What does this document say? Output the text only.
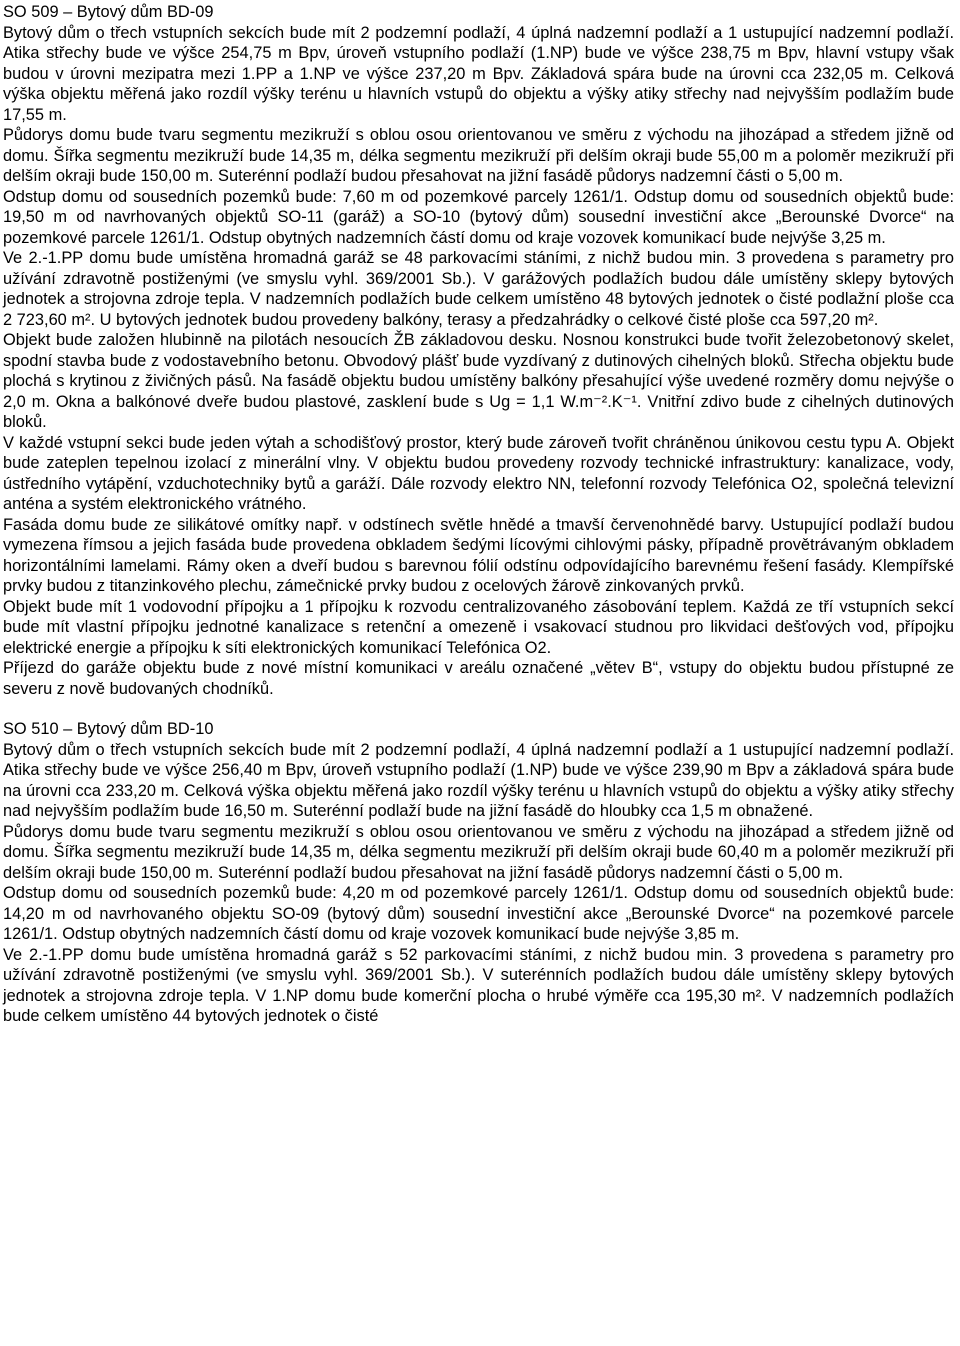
SO 509 – Bytový dům BD-09

Bytový dům o třech vstupních sekcích bude mít 2 podzemní podlaží, 4 úplná nadzemní podlaží a 1 ustupující nadzemní podlaží. Atika střechy bude ve výšce 254,75 m Bpv, úroveň vstupního podlaží (1.NP) bude ve výšce 238,75 m Bpv, hlavní vstupy však budou v úrovni mezipatra mezi 1.PP a 1.NP ve výšce 237,20 m Bpv. Základová spára bude na úrovni cca 232,05 m. Celková výška objektu měřená jako rozdíl výšky terénu u hlavních vstupů do objektu a výšky atiky střechy nad nejvyšším podlažím bude 17,55 m.

Půdorys domu bude tvaru segmentu mezikruží s oblou osou orientovanou ve směru z východu na jihozápad a středem jižně od domu. Šířka segmentu mezikruží bude 14,35 m, délka segmentu mezikruží při delším okraji bude 55,00 m a poloměr mezikruží při delším okraji bude 150,00 m. Suterénní podlaží budou přesahovat na jižní fasádě půdorys nadzemní části o 5,00 m.

Odstup domu od sousedních pozemků bude: 7,60 m od pozemkové parcely 1261/1. Odstup domu od sousedních objektů bude: 19,50 m od navrhovaných objektů SO-11 (garáž) a SO-10 (bytový dům) sousední investiční akce „Berounské Dvorce“ na pozemkové parcele 1261/1. Odstup obytných nadzemních částí domu od kraje vozovek komunikací bude nejvýše 3,25 m.

Ve 2.-1.PP domu bude umístěna hromadná garáž se 48 parkovacími stáními, z nichž budou min. 3 provedena s parametry pro užívání zdravotně postiženými (ve smyslu vyhl. 369/2001 Sb.). V garážových podlažích budou dále umístěny sklepy bytových jednotek a strojovna zdroje tepla. V nadzemních podlažích bude celkem umístěno 48 bytových jednotek o čisté podlažní ploše cca 2 723,60 m². U bytových jednotek budou provedeny balkóny, terasy a předzahrádky o celkové čisté ploše cca 597,20 m².

Objekt bude založen hlubinně na pilotách nesoucích ŽB základovou desku. Nosnou konstrukci bude tvořit železobetonový skelet, spodní stavba bude z vodostavebního betonu. Obvodový plášť bude vyzdívaný z dutinových cihelných bloků. Střecha objektu bude plochá s krytinou z živičných pásů. Na fasádě objektu budou umístěny balkóny přesahující výše uvedené rozměry domu nejvýše o 2,0 m. Okna a balkónové dveře budou plastové, zasklení bude s Ug = 1,1 W.m⁻².K⁻¹. Vnitřní zdivo bude z cihelných dutinových bloků.

V každé vstupní sekci bude jeden výtah a schodišťový prostor, který bude zároveň tvořit chráněnou únikovou cestu typu A. Objekt bude zateplen tepelnou izolací z minerální vlny. V objektu budou provedeny rozvody technické infrastruktury: kanalizace, vody, ústředního vytápění, vzduchotechniky bytů a garáží. Dále rozvody elektro NN, telefonní rozvody Telefónica O2, společná televizní anténa a systém elektronického vrátného.

Fasáda domu bude ze silikátové omítky např. v odstínech světle hnědé a tmavší červenohnědé barvy. Ustupující podlaží budou vymezena římsou a jejich fasáda bude provedena obkladem šedými lícovými cihlovými pásky, případně provětrávaným obkladem horizontálními lamelami. Rámy oken a dveří budou s barevnou fólií odstínu odpovídajícího barevnému řešení fasády. Klempířské prvky budou z titanzinkového plechu, zámečnické prvky budou z ocelových žárově zinkovaných prvků.

Objekt bude mít 1 vodovodní přípojku a 1 přípojku k rozvodu centralizovaného zásobování teplem. Každá ze tří vstupních sekcí bude mít vlastní přípojku jednotné kanalizace s retenční a omezeně i vsakovací studnou pro likvidaci dešťových vod, přípojku elektrické energie a přípojku k síti elektronických komunikací Telefónica O2.

Příjezd do garáže objektu bude z nové místní komunikaci v areálu označené „větev B“, vstupy do objektu budou přístupné ze severu z nově budovaných chodníků.

SO 510 – Bytový dům BD-10

Bytový dům o třech vstupních sekcích bude mít 2 podzemní podlaží, 4 úplná nadzemní podlaží a 1 ustupující nadzemní podlaží. Atika střechy bude ve výšce 256,40 m Bpv, úroveň vstupního podlaží (1.NP) bude ve výšce 239,90 m Bpv a základová spára bude na úrovni cca 233,20 m. Celková výška objektu měřená jako rozdíl výšky terénu u hlavních vstupů do objektu a výšky atiky střechy nad nejvyšším podlažím bude 16,50 m. Suterénní podlaží bude na jižní fasádě do hloubky cca 1,5 m obnažené.

Půdorys domu bude tvaru segmentu mezikruží s oblou osou orientovanou ve směru z východu na jihozápad a středem jižně od domu. Šířka segmentu mezikruží bude 14,35 m, délka segmentu mezikruží při delším okraji bude 60,40 m a poloměr mezikruží při delším okraji bude 150,00 m. Suterénní podlaží budou přesahovat na jižní fasádě půdorys nadzemní části o 5,00 m.

Odstup domu od sousedních pozemků bude: 4,20 m od pozemkové parcely 1261/1. Odstup domu od sousedních objektů bude: 14,20 m od navrhovaného objektu SO-09 (bytový dům) sousední investiční akce „Berounské Dvorce“ na pozemkové parcele 1261/1. Odstup obytných nadzemních částí domu od kraje vozovek komunikací bude nejvýše 3,85 m.

Ve 2.-1.PP domu bude umístěna hromadná garáž s 52 parkovacími stáními, z nichž budou min. 3 provedena s parametry pro užívání zdravotně postiženými (ve smyslu vyhl. 369/2001 Sb.). V suterénních podlažích budou dále umístěny sklepy bytových jednotek a strojovna zdroje tepla. V 1.NP domu bude komerční plocha o hrubé výměře cca 195,30 m². V nadzemních podlažích bude celkem umístěno 44 bytových jednotek o čisté
